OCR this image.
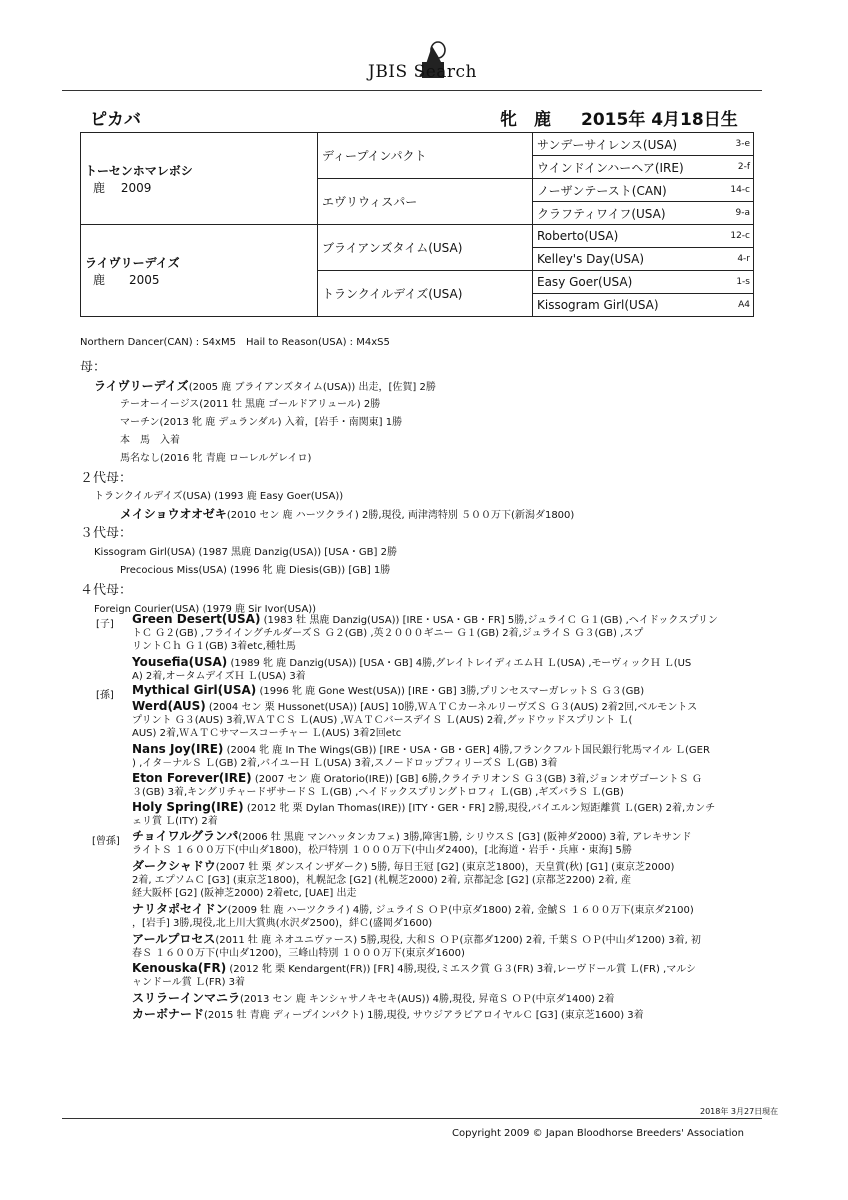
JBIS Search
ピカバ	牝　鹿 2015年 4月18日生
トーセンホマレボシ
鹿　 2009	ディープインパクト	サンデーサイレンス(USA)	3-e
		ウインドインハーヘア(IRE)	2-f
	エヴリウィスパー	ノーザンテースト(CAN)	14-c
		クラフティワイフ(USA)	9-a

ライヴリーデイズ
鹿　　2005	ブライアンズタイム(USA)	Roberto(USA)	12-c
		Kelley's Day(USA)	4-r
	トランクイルデイズ(USA)	Easy Goer(USA)	1-s
		Kissogram Girl(USA)	A4
Northern Dancer(CAN) : S4xM5　Hail to Reason(USA) : M4xS5
母：
ライヴリーデイズ(2005 鹿 ブライアンズタイム(USA)) 出走，[佐賀] 2勝
テーオーイージス(2011 牡 黒鹿 ゴールドアリュール) 2勝
マーチン(2013 牝 鹿 デュランダル) 入着，[岩手・南関東] 1勝
本　馬　入着
馬名なし(2016 牝 青鹿 ローレルゲレイロ)
２代母：
トランクイルデイズ(USA) (1993 鹿 Easy Goer(USA))
メイショウオオゼキ(2010 セン 鹿 ハーツクライ) 2勝,現役, 両津湾特別 ５００万下(新潟ダ1800)
３代母：
Kissogram Girl(USA) (1987 黒鹿 Danzig(USA)) [USA・GB] 2勝
Precocious Miss(USA) (1996 牝 鹿 Diesis(GB)) [GB] 1勝
４代母：
Foreign Courier(USA) (1979 鹿 Sir Ivor(USA))
[子] Green Desert(USA) (1983 牡 黒鹿 Danzig(USA)) [IRE・USA・GB・FR] 5勝,ジュライＣ Ｇ１(GB) ,ヘイドックスプリン
トＣ Ｇ２(GB) ,フライイングチルダーズＳ Ｇ２(GB) ,英２０００ギニー Ｇ１(GB) 2着,ジュライＳ Ｇ３(GB) ,スプ
リントＣｈ Ｇ１(GB) 3着etc,種牡馬
Yousefia(USA) (1989 牝 鹿 Danzig(USA)) [USA・GB] 4勝,グレイトレイディエムＨ Ｌ(USA) ,モーヴィックＨ Ｌ(US
A) 2着,オータムデイズＨ Ｌ(USA) 3着
[孫] Mythical Girl(USA) (1996 牝 鹿 Gone West(USA)) [IRE・GB] 3勝,プリンセスマーガレットＳ Ｇ３(GB)
Werd(AUS) (2004 セン 栗 Hussonet(USA)) [AUS] 10勝,ＷＡＴＣカーネルリーヴズＳ Ｇ３(AUS) 2着2回,ベルモントス
プリント Ｇ３(AUS) 3着,ＷＡＴＣＳ Ｌ(AUS) ,ＷＡＴＣバースデイＳ Ｌ(AUS) 2着,グッドウッドスプリント Ｌ(
AUS) 2着,ＷＡＴＣサマースコーチャー Ｌ(AUS) 3着2回etc
Nans Joy(IRE) (2004 牝 鹿 In The Wings(GB)) [IRE・USA・GB・GER] 4勝,フランクフルト国民銀行牝馬マイル Ｌ(GER
) ,イタ－ナルＳ Ｌ(GB) 2着,バイユーＨ Ｌ(USA) 3着,スノードロップフィリーズＳ Ｌ(GB) 3着
Eton Forever(IRE) (2007 セン 鹿 Oratorio(IRE)) [GB] 6勝,クライテリオンＳ Ｇ３(GB) 3着,ジョンオヴゴーントＳ Ｇ
３(GB) 3着,キングリチャードザサードＳ Ｌ(GB) ,ヘイドックスプリングトロフィ Ｌ(GB) ,ギズバラＳ Ｌ(GB)
Holy Spring(IRE) (2012 牝 栗 Dylan Thomas(IRE)) [ITY・GER・FR] 2勝,現役,バイエルン短距離賞 Ｌ(GER) 2着,カンチ
ェリ賞 Ｌ(ITY) 2着
[曾孫] チョイワルグランパ(2006 牡 黒鹿 マンハッタンカフェ) 3勝,障害1勝, シリウスＳ [G3] (阪神ダ2000) 3着, アレキサンド
ライトＳ １６００万下(中山ダ1800)，松戸特別 １０００万下(中山ダ2400)，[北海道・岩手・兵庫・東海] 5勝
ダークシャドウ(2007 牡 栗 ダンスインザダーク) 5勝, 毎日王冠 [G2] (東京芝1800)，天皇賞(秋) [G1] (東京芝2000)
2着, エプソムＣ [G3] (東京芝1800)，札幌記念 [G2] (札幌芝2000) 2着, 京都記念 [G2] (京都芝2200) 2着, 産
経大阪杯 [G2] (阪神芝2000) 2着etc, [UAE] 出走
ナリタポセイドン(2009 牡 鹿 ハーツクライ) 4勝, ジュライＳ ＯＰ(中京ダ1800) 2着, 金鯱Ｓ １６００万下(東京ダ2100)
，[岩手] 3勝,現役,北上川大賞典(水沢ダ2500)，絆Ｃ(盛岡ダ1600)
アールプロセス(2011 牡 鹿 ネオユニヴァース) 5勝,現役, 大和Ｓ ＯＰ(京都ダ1200) 2着, 千葉Ｓ ＯＰ(中山ダ1200) 3着, 初
春Ｓ １６００万下(中山ダ1200)，三峰山特別 １０００万下(東京ダ1600)
Kenouska(FR) (2012 牝 栗 Kendargent(FR)) [FR] 4勝,現役,ミエスク賞 Ｇ３(FR) 3着,レーヴドール賞 Ｌ(FR) ,マルシ
ャンドール賞 Ｌ(FR) 3着
スリラーインマニラ(2013 セン 鹿 キンシャサノキセキ(AUS)) 4勝,現役, 昇竜Ｓ ＯＰ(中京ダ1400) 2着
カーボナード(2015 牡 青鹿 ディープインパクト) 1勝,現役, サウジアラビアロイヤルＣ [G3] (東京芝1600) 3着
2018年 3月27日現在
Copyright 2009 © Japan Bloodhorse Breeders' Association
